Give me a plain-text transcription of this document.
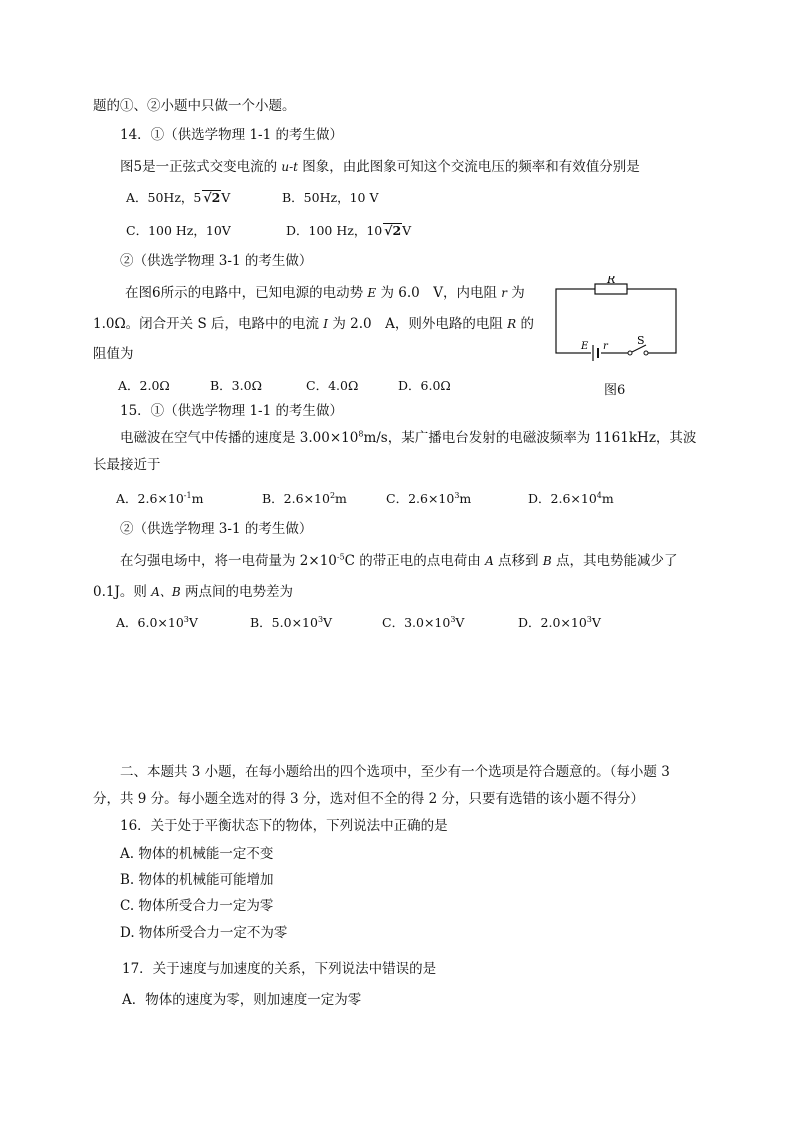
题的①、②小题中只做一个小题。
14．①（供选学物理 1-1 的考生做）
图5是一正弦式交变电流的 u-t 图象，由此图象可知这个交流电压的频率和有效值分别是
A．50Hz，5 √2V	B．50Hz，10 V
C．100 Hz，10V	D．100 Hz，10 √2V
②（供选学物理 3-1 的考生做）
在图6所示的电路中，已知电源的电动势 E 为 6.0　V，内电阻 r 为
1.0Ω。闭合开关 S 后，电路中的电流 I 为 2.0　A，则外电路的电阻 R 的
阻值为
A．2.0Ω	B．3.0Ω	C．4.0Ω	D．6.0Ω
R
E r	S
图6
15．①（供选学物理 1-1 的考生做）
电磁波在空气中传播的速度是 $3.00\times 10^8m/s$，某广播电台发射的电磁波频率为 1161kHz，其波
长最接近于
A．$2.6\times 10^{-1}m$	B．$2.6\times 10^2m$	C．$2.6\times 10^3m$	D．$2.6\times 10^4m$
②（供选学物理 3-1 的考生做）
在匀强电场中，将一电荷量为 $2\times 10^{-5}C$ 的带正电的点电荷由 A 点移到 B 点，其电势能减少了
0.1J。则 A、B 两点间的电势差为
A．$6.0\times 10^3V$	B．$5.0\times 10^3V$	C．$3.0\times 10^3V$	D．$2.0\times 10^3V$
二、本题共 3 小题，在每小题给出的四个选项中，至少有一个选项是符合题意的。（每小题 3
分，共 9 分。每小题全选对的得 3 分，选对但不全的得 2 分，只要有选错的该小题不得分）
16．关于处于平衡状态下的物体，下列说法中正确的是
A. 物体的机械能一定不变
B. 物体的机械能可能增加
C. 物体所受合力一定为零
D. 物体所受合力一定不为零
17．关于速度与加速度的关系，下列说法中错误的是
A．物体的速度为零，则加速度一定为零
